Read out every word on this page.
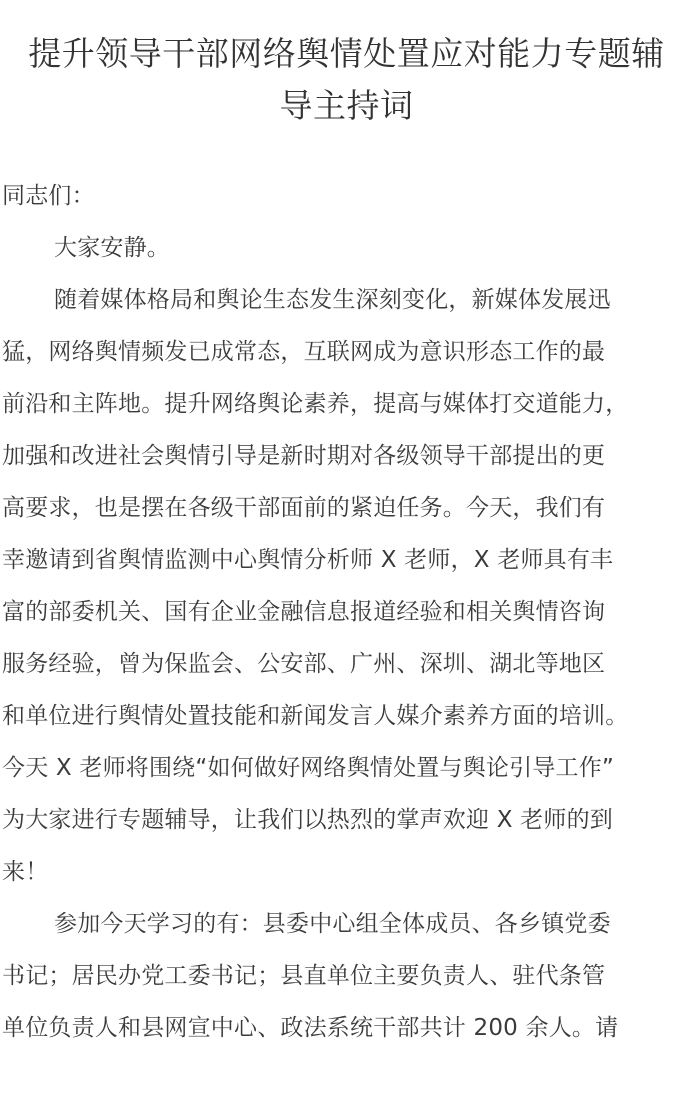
提升领导干部网络舆情处置应对能力专题辅
导主持词
同志们：
大家安静。
随着媒体格局和舆论生态发生深刻变化，新媒体发展迅
猛，网络舆情频发已成常态，互联网成为意识形态工作的最
前沿和主阵地。提升网络舆论素养，提高与媒体打交道能力，
加强和改进社会舆情引导是新时期对各级领导干部提出的更
高要求，也是摆在各级干部面前的紧迫任务。今天，我们有
幸邀请到省舆情监测中心舆情分析师 X 老师，X 老师具有丰
富的部委机关、国有企业金融信息报道经验和相关舆情咨询
服务经验，曾为保监会、公安部、广州、深圳、湖北等地区
和单位进行舆情处置技能和新闻发言人媒介素养方面的培训。
今天 X 老师将围绕“如何做好网络舆情处置与舆论引导工作”
为大家进行专题辅导，让我们以热烈的掌声欢迎 X 老师的到
来！
参加今天学习的有：县委中心组全体成员、各乡镇党委
书记；居民办党工委书记；县直单位主要负责人、驻代条管
单位负责人和县网宣中心、政法系统干部共计 200 余人。请
